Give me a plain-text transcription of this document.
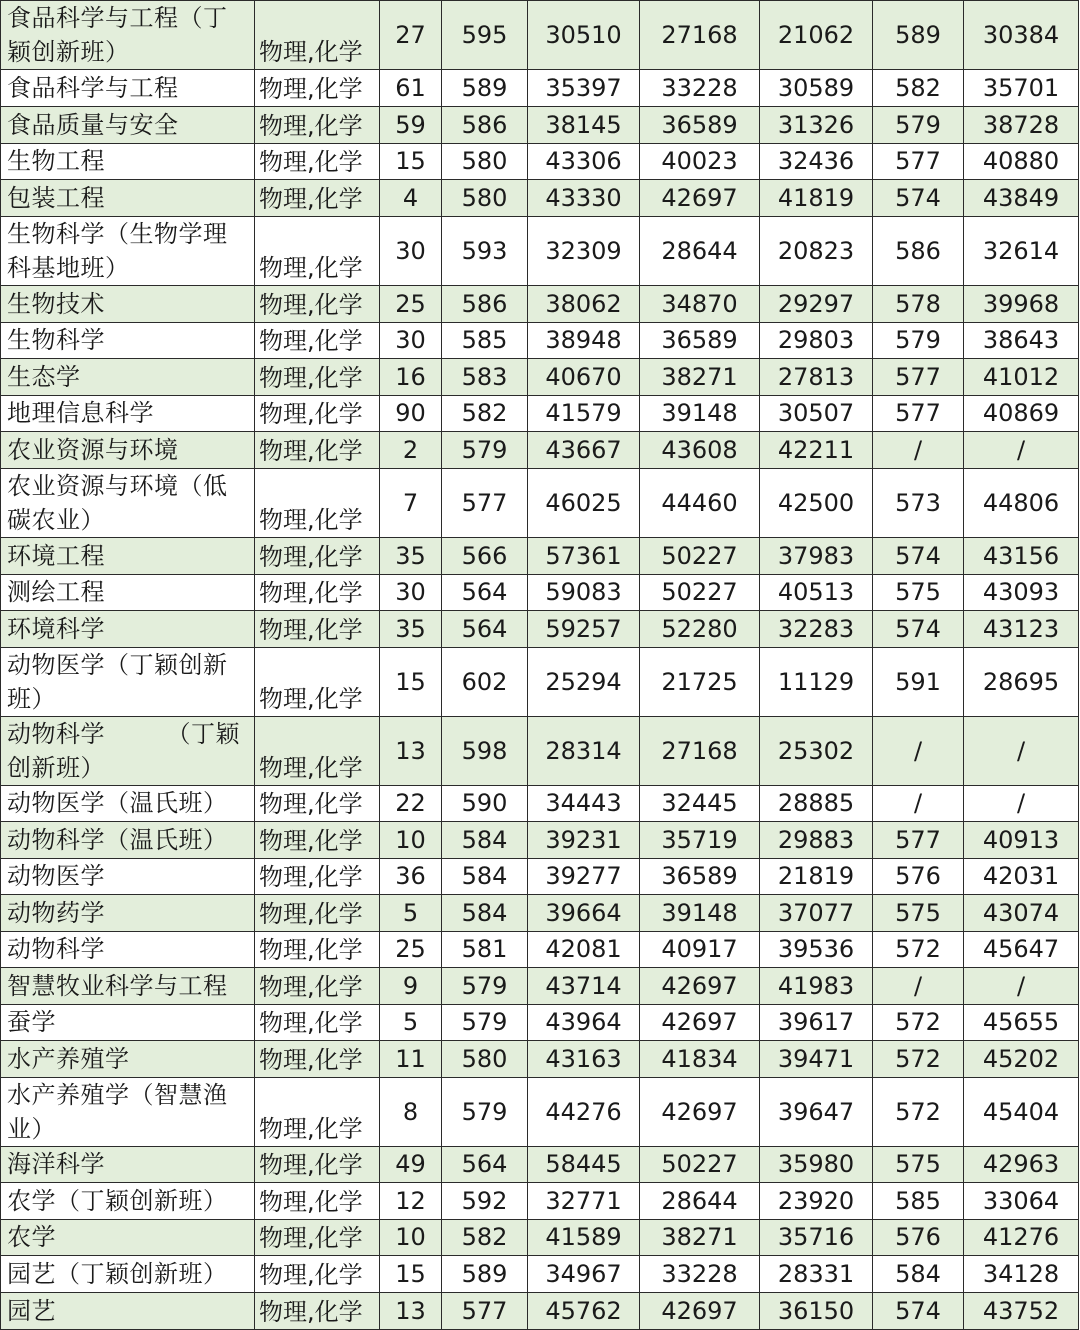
食品科学与工程（丁颖创新班）	物理,化学	27	595	30510	27168	21062	589	30384
食品科学与工程	物理,化学	61	589	35397	33228	30589	582	35701
食品质量与安全	物理,化学	59	586	38145	36589	31326	579	38728
生物工程	物理,化学	15	580	43306	40023	32436	577	40880
包装工程	物理,化学	4	580	43330	42697	41819	574	43849
生物科学（生物学理科基地班）	物理,化学	30	593	32309	28644	20823	586	32614
生物技术	物理,化学	25	586	38062	34870	29297	578	39968
生物科学	物理,化学	30	585	38948	36589	29803	579	38643
生态学	物理,化学	16	583	40670	38271	27813	577	41012
地理信息科学	物理,化学	90	582	41579	39148	30507	577	40869
农业资源与环境	物理,化学	2	579	43667	43608	42211	/	/
农业资源与环境（低碳农业）	物理,化学	7	577	46025	44460	42500	573	44806
环境工程	物理,化学	35	566	57361	50227	37983	574	43156
测绘工程	物理,化学	30	564	59083	50227	40513	575	43093
环境科学	物理,化学	35	564	59257	52280	32283	574	43123
动物医学（丁颖创新班）	物理,化学	15	602	25294	21725	11129	591	28695
动物科学　　　（丁颖创新班）	物理,化学	13	598	28314	27168	25302	/	/
动物医学（温氏班）	物理,化学	22	590	34443	32445	28885	/	/
动物科学（温氏班）	物理,化学	10	584	39231	35719	29883	577	40913
动物医学	物理,化学	36	584	39277	36589	21819	576	42031
动物药学	物理,化学	5	584	39664	39148	37077	575	43074
动物科学	物理,化学	25	581	42081	40917	39536	572	45647
智慧牧业科学与工程	物理,化学	9	579	43714	42697	41983	/	/
蚕学	物理,化学	5	579	43964	42697	39617	572	45655
水产养殖学	物理,化学	11	580	43163	41834	39471	572	45202
水产养殖学（智慧渔业）	物理,化学	8	579	44276	42697	39647	572	45404
海洋科学	物理,化学	49	564	58445	50227	35980	575	42963
农学（丁颖创新班）	物理,化学	12	592	32771	28644	23920	585	33064
农学	物理,化学	10	582	41589	38271	35716	576	41276
园艺（丁颖创新班）	物理,化学	15	589	34967	33228	28331	584	34128
园艺	物理,化学	13	577	45762	42697	36150	574	43752
